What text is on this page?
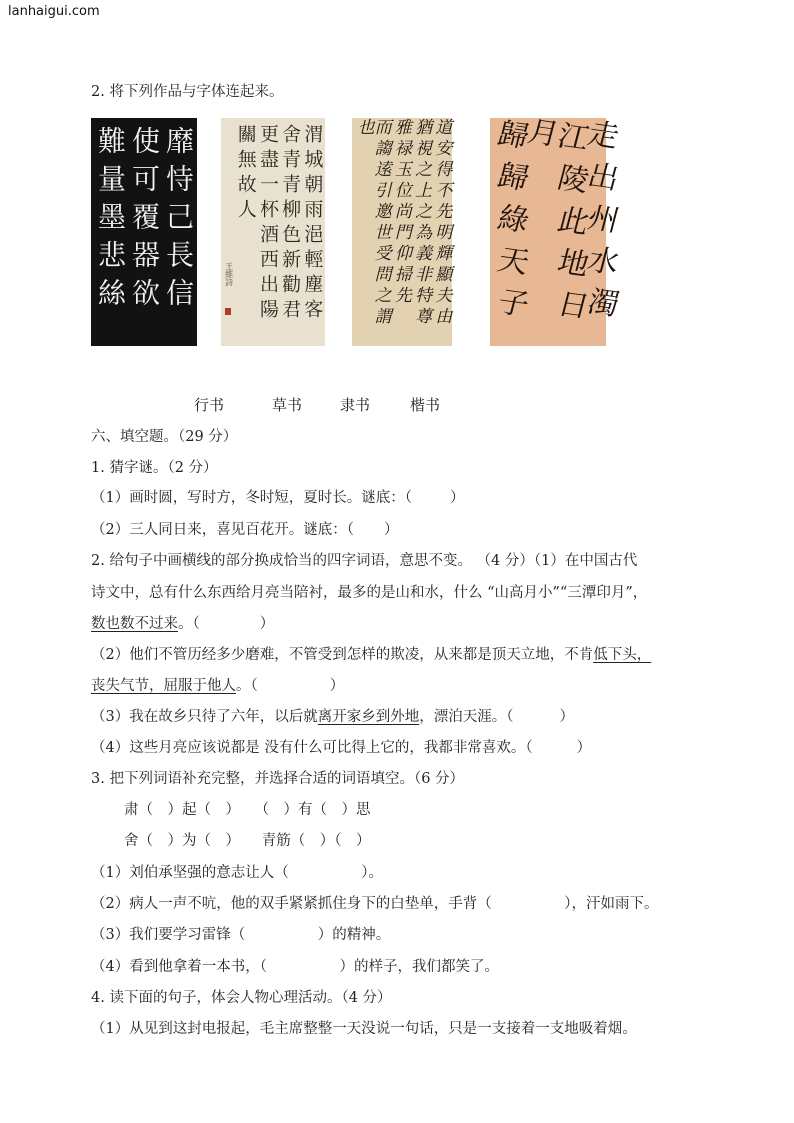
lanhaigui.com
2. 将下列作品与字体连起来。
靡恃己長信
使可覆器欲
難量墨悲絲	渭城朝雨浥輕塵客
舍青青柳色新勸君
更盡一杯酒西出陽
關無故人
王維詩	道安得不先明輝顯夫由
猶視之上之為義非特尊
雅禄玉位尚門仰掃先
而謅逺引邀世受問之謂也	走出州水濁
江陵此地日月
歸歸綠天子
行书	草书	隶书	楷书
六、填空题。（29 分）
1. 猜字谜。（2 分）
（1）画时圆，写时方，冬时短，夏时长。谜底：（	）
（2）三人同日来，喜见百花开。谜底：（ ）
2. 给句子中画横线的部分换成恰当的四字词语，意思不变。 （4 分）（1）在中国古代
诗文中，总有什么东西给月亮当陪衬，最多的是山和水，什么 “山高月小”“三潭印月”，
数也数不过来。（	）
（2）他们不管历经多少磨难，不管受到怎样的欺凌，从来都是顶天立地，不肯低下头，
丧失气节，屈服于他人。（	）
（3）我在故乡只待了六年，以后就离开家乡到外地，漂泊天涯。（	）
（4）这些月亮应该说都是 没有什么可比得上它的，我都非常喜欢。（	）
3. 把下列词语补充完整，并选择合适的词语填空。（6 分）
肃（　）起（　）　　（　）有（　）思
舍（　）为（　）　　青筋（　）（　）
（1）刘伯承坚强的意志让人（　　　　　）。
（2）病人一声不吭，他的双手紧紧抓住身下的白垫单，手背（　　　　　），汗如雨下。
（3）我们要学习雷锋（　　　　　）的精神。
（4）看到他拿着一本书，（　　　　　）的样子，我们都笑了。
4. 读下面的句子，体会人物心理活动。（4 分）
（1）从见到这封电报起，毛主席整整一天没说一句话，只是一支接着一支地吸着烟。
